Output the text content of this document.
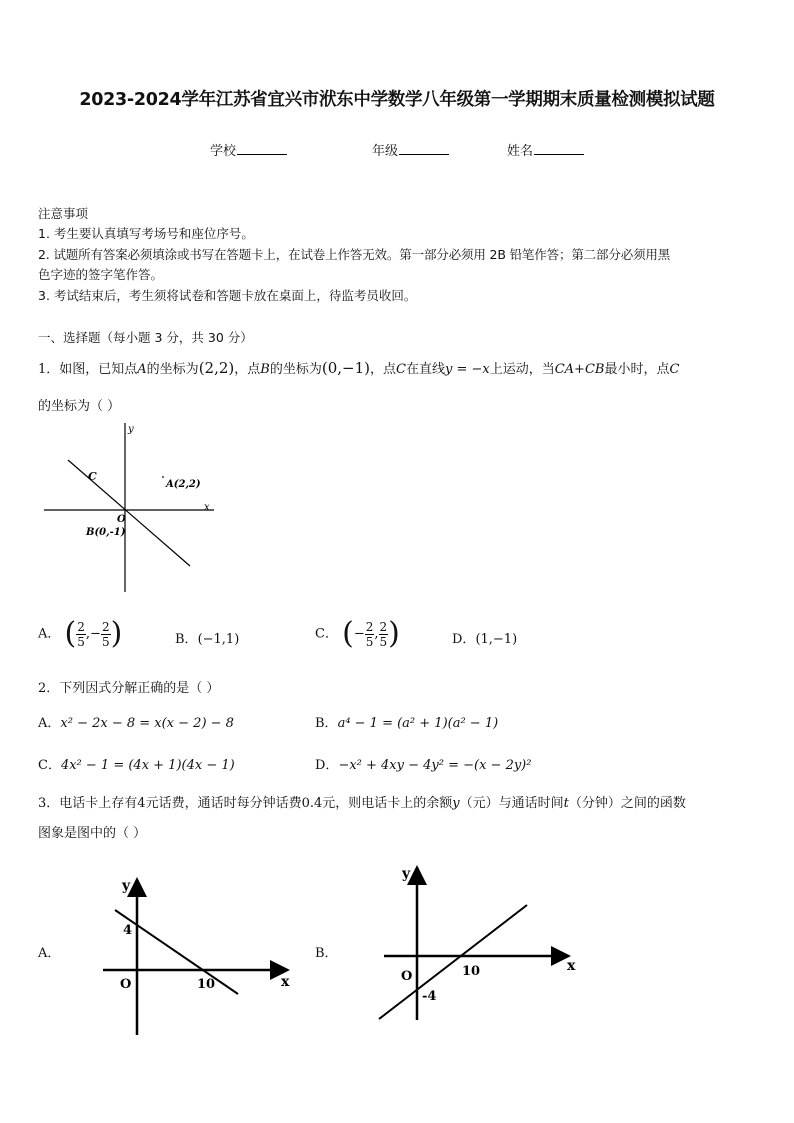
2023-2024学年江苏省宜兴市洑东中学数学八年级第一学期期末质量检测模拟试题
学校	年级	姓名
注意事项
1. 考生要认真填写考场号和座位序号。
2. 试题所有答案必须填涂或书写在答题卡上，在试卷上作答无效。第一部分必须用 2B 铅笔作答；第二部分必须用黑
色字迹的签字笔作答。
3. 考试结束后，考生须将试卷和答题卡放在桌面上，待监考员收回。
一、选择题（每小题 3 分，共 30 分）
1．如图，已知点A的坐标为(2,2)，点B的坐标为(0,−1)，点C在直线y = −x上运动，当CA+CB最小时，点C
的坐标为（ ）
y
x
O
C
A(2,2)
B(0,-1)
A． ( $\frac{2}{5}$ ,− $\frac{2}{5}$ )	B．(−1,1)	C． (− $\frac{2}{5}$ , $\frac{2}{5}$ )	D．(1,−1)
2．下列因式分解正确的是（ ）
A．x² − 2x − 8 = x(x − 2) − 8	B．a⁴ − 1 = (a² + 1)(a² − 1)
C．4x² − 1 = (4x + 1)(4x − 1)	D．−x² + 4xy − 4y² = −(x − 2y)²
3．电话卡上存有4元话费，通话时每分钟话费0.4元，则电话卡上的余额y（元）与通话时间t（分钟）之间的函数
图象是图中的（ ）
A．
y
x
O
4
10
B．
y
x
O
-4
10
